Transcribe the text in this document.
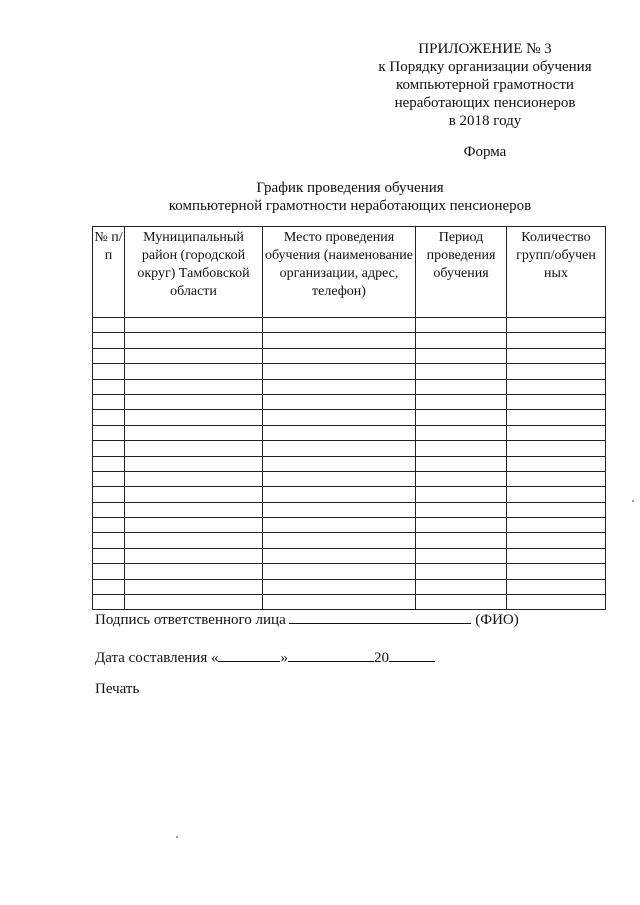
ПРИЛОЖЕНИЕ № 3
к Порядку организации обучения
компьютерной грамотности
неработающих пенсионеров
в 2018 году
Форма
График проведения обучения
компьютерной грамотности неработающих пенсионеров
№ п/п	Муниципальный район (городской округ) Тамбовской области	Место проведения обучения (наименование организации, адрес, телефон)	Период проведения обучения	Количество групп/обучен ных

Подпись ответственного лица	(ФИО)
Дата составления «	»	20
Печать
